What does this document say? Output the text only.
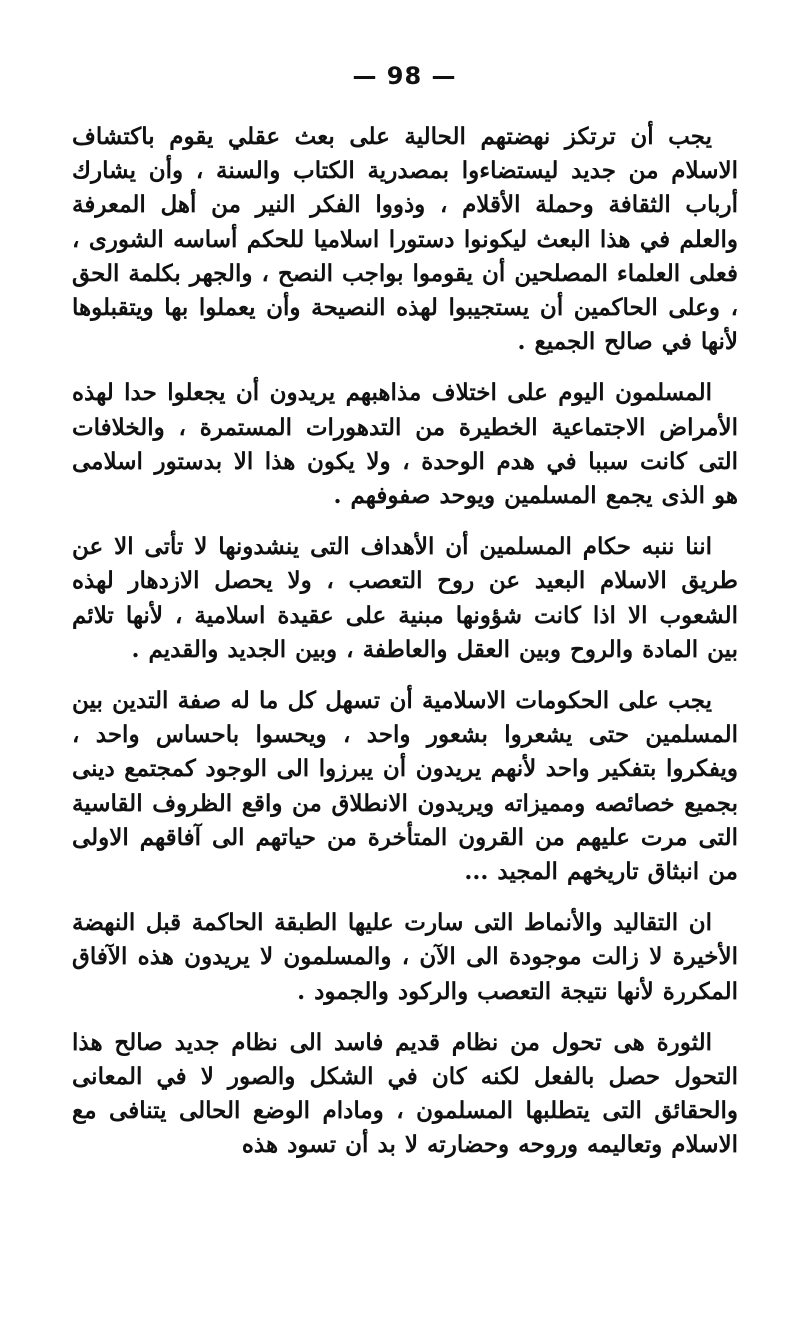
— 98 —

يجب أن ترتكز نهضتهم الحالية على بعث عقلي يقوم باكتشاف الاسلام من جديد ليستضاءوا بمصدرية الكتاب والسنة ، وأن يشارك أرباب الثقافة وحملة الأقلام ، وذووا الفكر النير من أهل المعرفة والعلم في هذا البعث ليكونوا دستورا اسلاميا للحكم أساسه الشورى ، فعلى العلماء المصلحين أن يقوموا بواجب النصح ، والجهر بكلمة الحق ، وعلى الحاكمين أن يستجيبوا لهذه النصيحة وأن يعملوا بها ويتقبلوها لأنها في صالح الجميع .

المسلمون اليوم على اختلاف مذاهبهم يريدون أن يجعلوا حدا لهذه الأمراض الاجتماعية الخطيرة من التدهورات المستمرة ، والخلافات التى كانت سببا في هدم الوحدة ، ولا يكون هذا الا بدستور اسلامى هو الذى يجمع المسلمين ويوحد صفوفهم .

اننا ننبه حكام المسلمين أن الأهداف التى ينشدونها لا تأتى الا عن طريق الاسلام البعيد عن روح التعصب ، ولا يحصل الازدهار لهذه الشعوب الا اذا كانت شؤونها مبنية على عقيدة اسلامية ، لأنها تلائم بين المادة والروح وبين العقل والعاطفة ، وبين الجديد والقديم .

يجب على الحكومات الاسلامية أن تسهل كل ما له صفة التدين بين المسلمين حتى يشعروا بشعور واحد ، ويحسوا باحساس واحد ، ويفكروا بتفكير واحد لأنهم يريدون أن يبرزوا الى الوجود كمجتمع دينى بجميع خصائصه ومميزاته ويريدون الانطلاق من واقع الظروف القاسية التى مرت عليهم من القرون المتأخرة من حياتهم الى آفاقهم الاولى من انبثاق تاريخهم المجيد ...

ان التقاليد والأنماط التى سارت عليها الطبقة الحاكمة قبل النهضة الأخيرة لا زالت موجودة الى الآن ، والمسلمون لا يريدون هذه الآفاق المكررة لأنها نتيجة التعصب والركود والجمود .

الثورة هى تحول من نظام قديم فاسد الى نظام جديد صالح هذا التحول حصل بالفعل لكنه كان في الشكل والصور لا في المعانى والحقائق التى يتطلبها المسلمون ، ومادام الوضع الحالى يتنافى مع الاسلام وتعاليمه وروحه وحضارته لا بد أن تسود هذه
